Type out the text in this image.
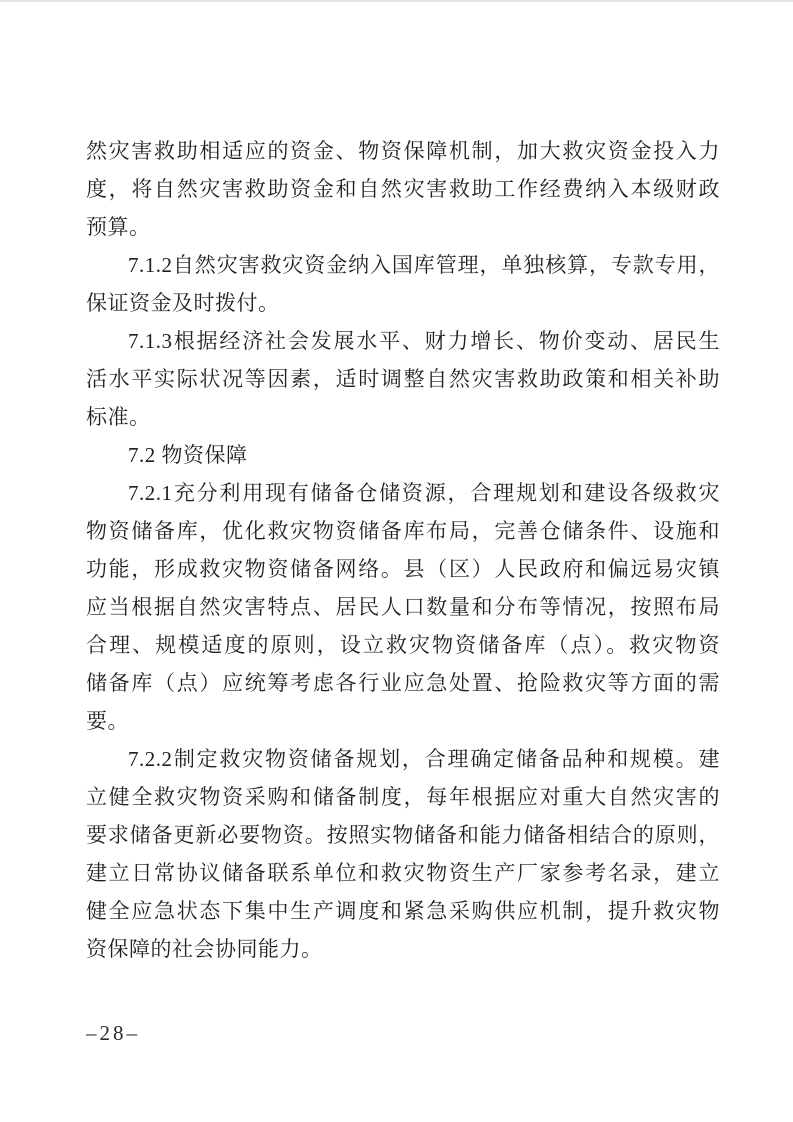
然灾害救助相适应的资金、物资保障机制，加大救灾资金投入力
度，将自然灾害救助资金和自然灾害救助工作经费纳入本级财政
预算。
7.1.2自然灾害救灾资金纳入国库管理，单独核算，专款专用，
保证资金及时拨付。
7.1.3根据经济社会发展水平、财力增长、物价变动、居民生
活水平实际状况等因素，适时调整自然灾害救助政策和相关补助
标准。
7.2 物资保障
7.2.1充分利用现有储备仓储资源，合理规划和建设各级救灾
物资储备库，优化救灾物资储备库布局，完善仓储条件、设施和
功能，形成救灾物资储备网络。县（区）人民政府和偏远易灾镇
应当根据自然灾害特点、居民人口数量和分布等情况，按照布局
合理、规模适度的原则，设立救灾物资储备库（点）。救灾物资
储备库（点）应统筹考虑各行业应急处置、抢险救灾等方面的需
要。
7.2.2制定救灾物资储备规划，合理确定储备品种和规模。建
立健全救灾物资采购和储备制度，每年根据应对重大自然灾害的
要求储备更新必要物资。按照实物储备和能力储备相结合的原则，
建立日常协议储备联系单位和救灾物资生产厂家参考名录，建立
健全应急状态下集中生产调度和紧急采购供应机制，提升救灾物
资保障的社会协同能力。
–28–
